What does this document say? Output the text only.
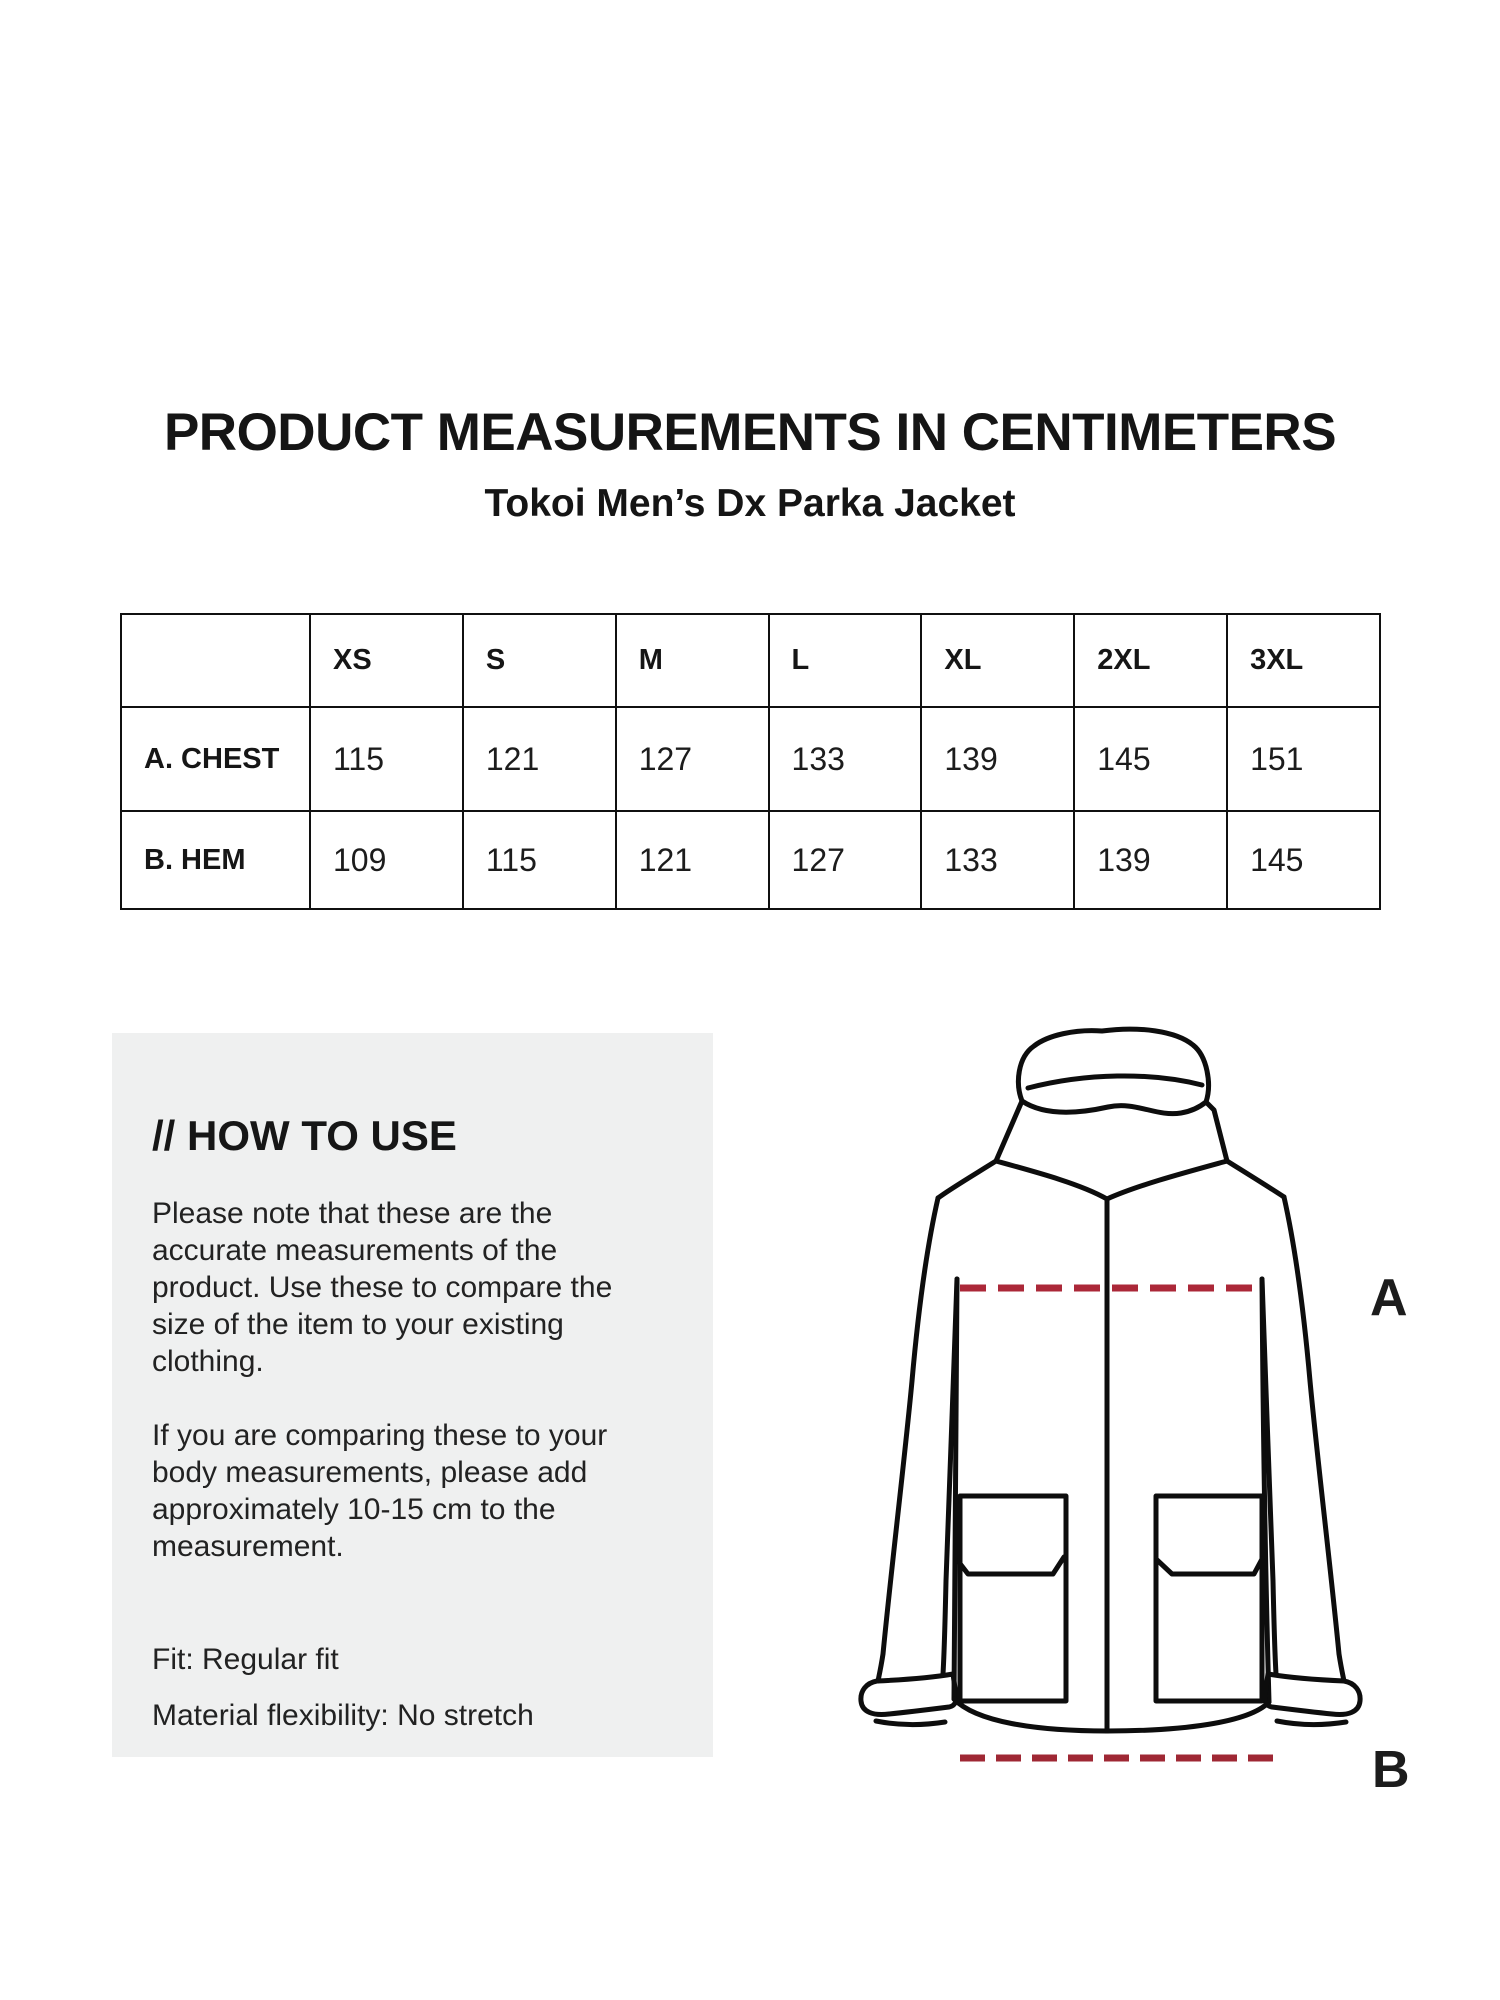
PRODUCT MEASUREMENTS IN CENTIMETERS
Tokoi Men’s Dx Parka Jacket
	XS	S	M	L	XL	2XL	3XL
A. CHEST	115	121	127	133	139	145	151
B. HEM	109	115	121	127	133	139	145
// HOW TO USE

Please note that these are the accurate measurements of the product. Use these to compare the size of the item to your existing clothing.

If you are comparing these to your body measurements, please add approximately 10-15 cm to the measurement.

Fit: Regular fit
Material flexibility: No stretch
A
B
